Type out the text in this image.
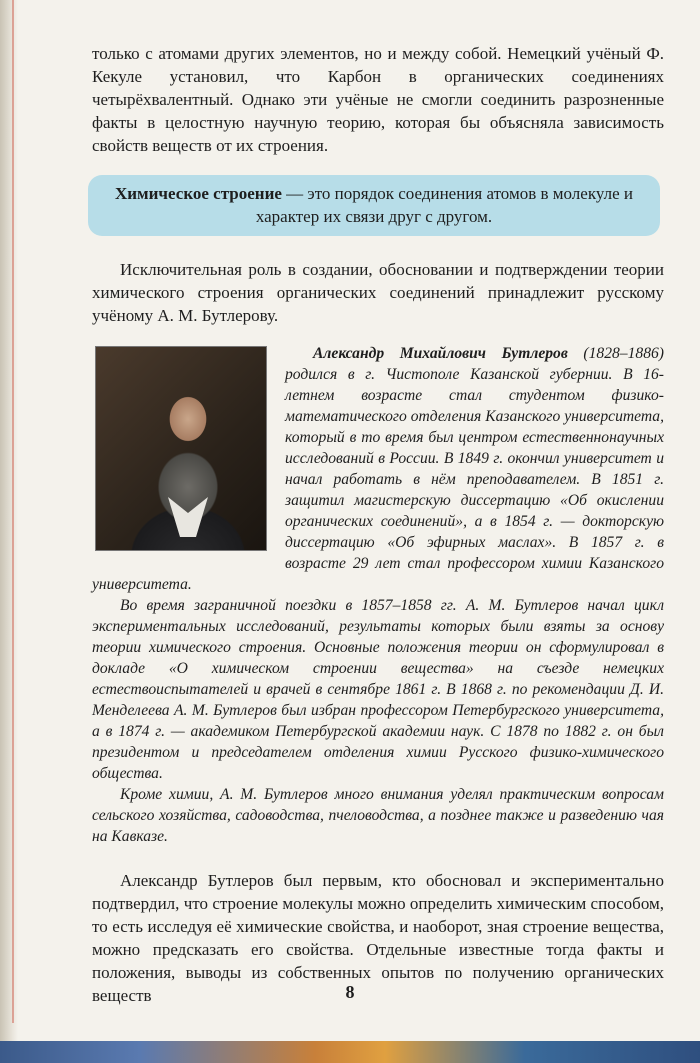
только с атомами других элементов, но и между собой. Немецкий учёный Ф. Кекуле установил, что Карбон в органических соединениях четырёхвалентный. Однако эти учёные не смогли соединить разрозненные факты в целостную научную теорию, которая бы объясняла зависимость свойств веществ от их строения.

Химическое строение — это порядок соединения атомов в молекуле и характер их связи друг с другом.

Исключительная роль в создании, обосновании и подтверждении теории химического строения органических соединений принадлежит русскому учёному А. М. Бутлерову.

Александр Михайлович Бутлеров (1828–1886) родился в г. Чистополе Казанской губернии. В 16-летнем возрасте стал студентом физико-математического отделения Казанского университета, который в то время был центром естественнонаучных исследований в России. В 1849 г. окончил университет и начал работать в нём преподавателем. В 1851 г. защитил магистерскую диссертацию «Об окислении органических соединений», а в 1854 г. — докторскую диссертацию «Об эфирных маслах». В 1857 г. в возрасте 29 лет стал профессором химии Казанского университета.

Во время заграничной поездки в 1857–1858 гг. А. М. Бутлеров начал цикл экспериментальных исследований, результаты которых были взяты за основу теории химического строения. Основные положения теории он сформулировал в докладе «О химическом строении вещества» на съезде немецких естествоиспытателей и врачей в сентябре 1861 г. В 1868 г. по рекомендации Д. И. Менделеева А. М. Бутлеров был избран профессором Петербургского университета, а в 1874 г. — академиком Петербургской академии наук. С 1878 по 1882 г. он был президентом и председателем отделения химии Русского физико-химического общества.

Кроме химии, А. М. Бутлеров много внимания уделял практическим вопросам сельского хозяйства, садоводства, пчеловодства, а позднее также и разведению чая на Кавказе.

Александр Бутлеров был первым, кто обосновал и экспериментально подтвердил, что строение молекулы можно определить химическим способом, то есть исследуя её химические свойства, и наоборот, зная строение вещества, можно предсказать его свойства. Отдельные известные тогда факты и положения, выводы из собственных опытов по получению органических веществ	8
